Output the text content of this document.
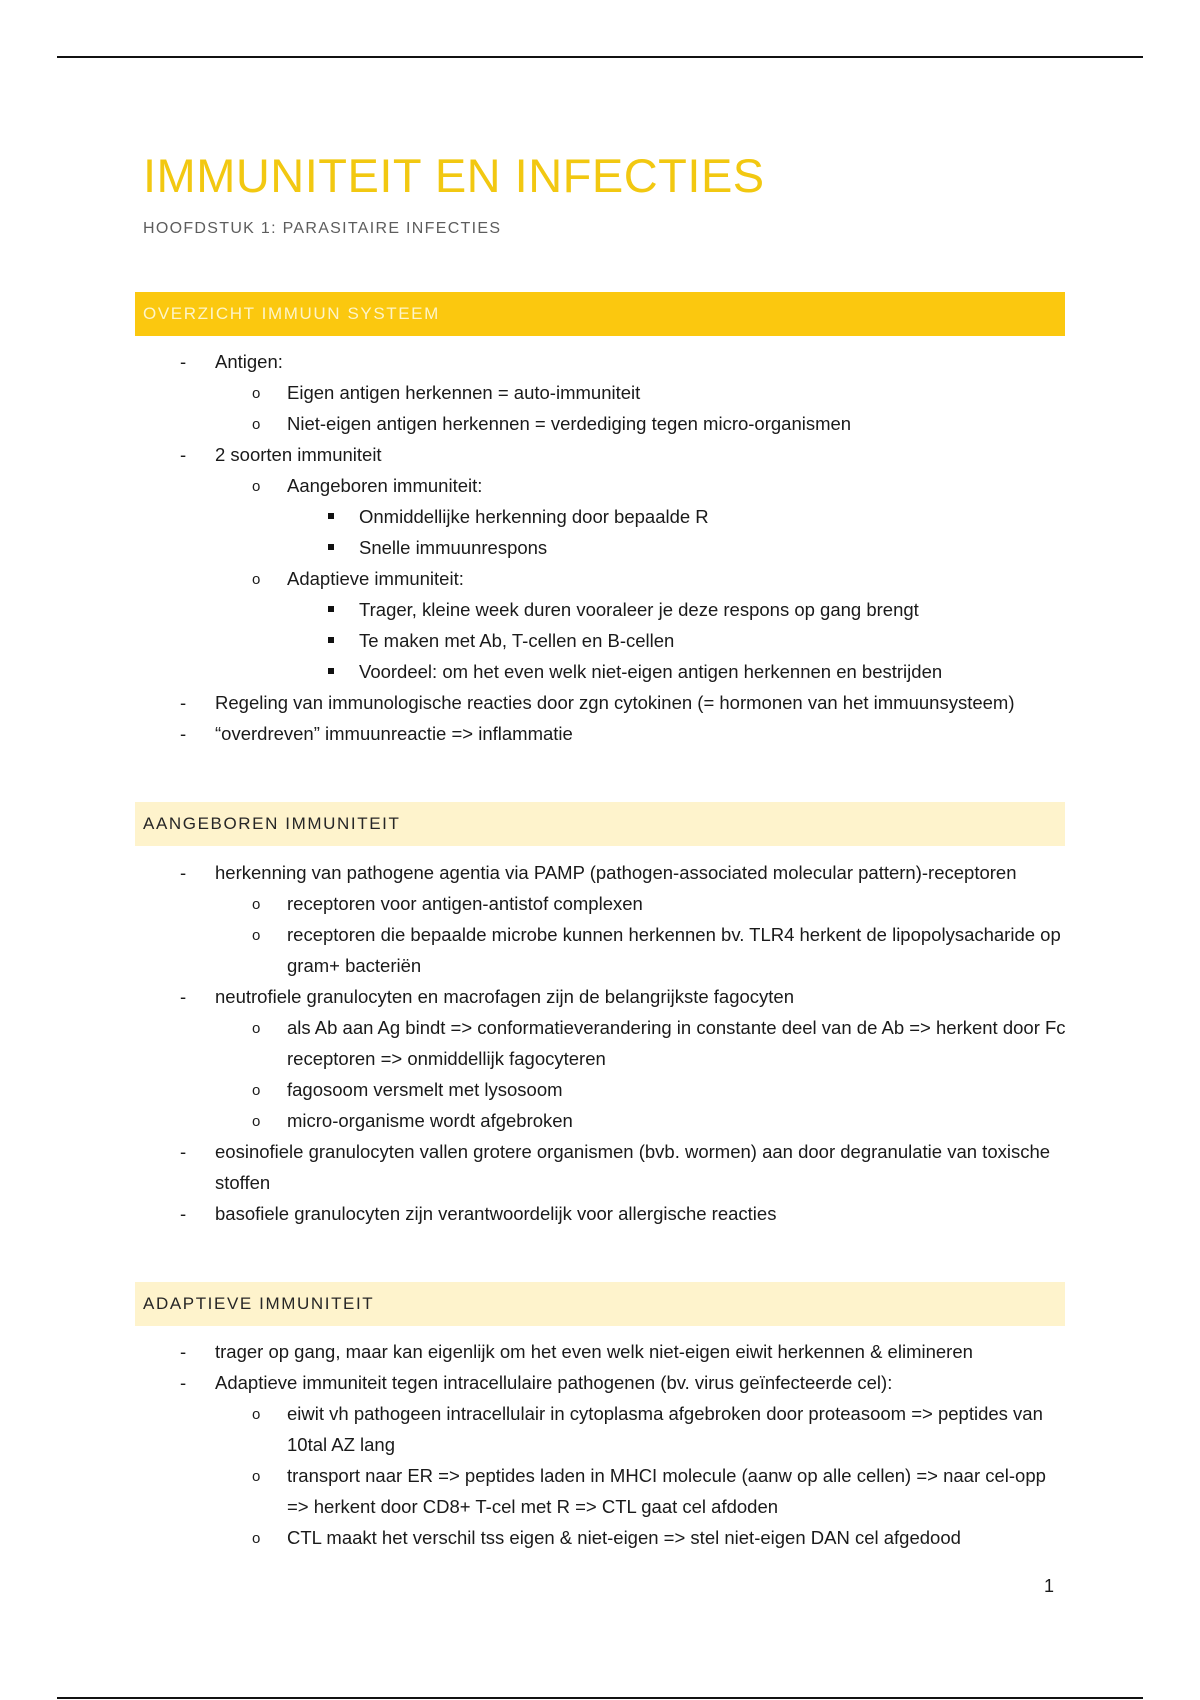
IMMUNITEIT EN INFECTIES
HOOFDSTUK 1: PARASITAIRE INFECTIES
OVERZICHT IMMUUN SYSTEEM
- Antigen:
o Eigen antigen herkennen = auto-immuniteit
o Niet-eigen antigen herkennen = verdediging tegen micro-organismen
- 2 soorten immuniteit
o Aangeboren immuniteit:
Onmiddellijke herkenning door bepaalde R
Snelle immuunrespons
o Adaptieve immuniteit:
Trager, kleine week duren vooraleer je deze respons op gang brengt
Te maken met Ab, T-cellen en B-cellen
Voordeel: om het even welk niet-eigen antigen herkennen en bestrijden
- Regeling van immunologische reacties door zgn cytokinen (= hormonen van het immuunsysteem)
- “overdreven” immuunreactie => inflammatie
AANGEBOREN IMMUNITEIT
- herkenning van pathogene agentia via PAMP (pathogen-associated molecular pattern)-receptoren
o receptoren voor antigen-antistof complexen
o receptoren die bepaalde microbe kunnen herkennen bv. TLR4 herkent de lipopolysacharide op gram+ bacteriën
- neutrofiele granulocyten en macrofagen zijn de belangrijkste fagocyten
o als Ab aan Ag bindt => conformatieverandering in constante deel van de Ab => herkent door Fc receptoren => onmiddellijk fagocyteren
o fagosoom versmelt met lysosoom
o micro-organisme wordt afgebroken
- eosinofiele granulocyten vallen grotere organismen (bvb. wormen) aan door degranulatie van toxische stoffen
- basofiele granulocyten zijn verantwoordelijk voor allergische reacties
ADAPTIEVE IMMUNITEIT
- trager op gang, maar kan eigenlijk om het even welk niet-eigen eiwit herkennen & elimineren
- Adaptieve immuniteit tegen intracellulaire pathogenen (bv. virus geïnfecteerde cel):
o eiwit vh pathogeen intracellulair in cytoplasma afgebroken door proteasoom => peptides van 10tal AZ lang
o transport naar ER => peptides laden in MHCI molecule (aanw op alle cellen) => naar cel-opp => herkent door CD8+ T-cel met R => CTL gaat cel afdoden
o CTL maakt het verschil tss eigen & niet-eigen => stel niet-eigen DAN cel afgedood
1
